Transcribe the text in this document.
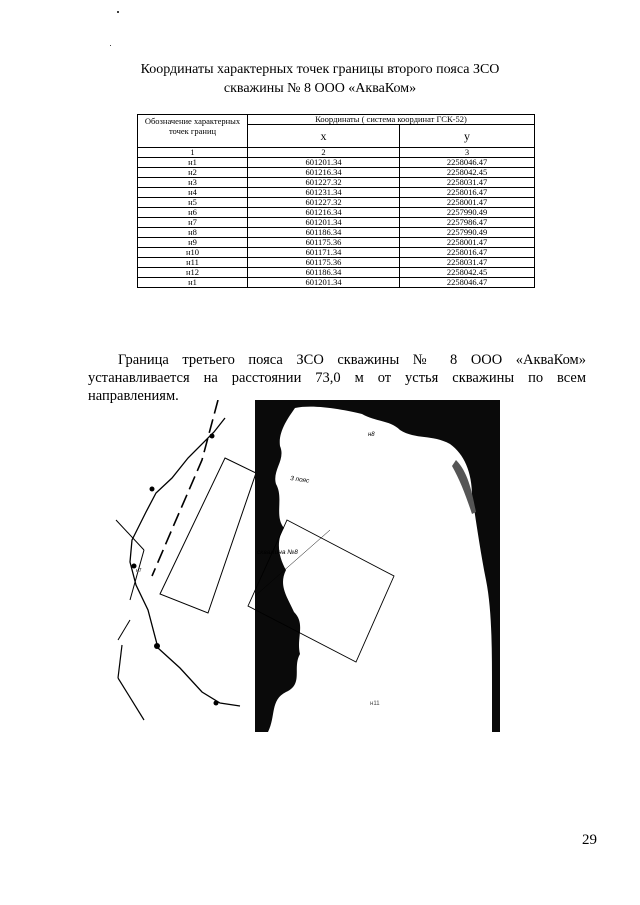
Координаты характерных точек границы второго пояса ЗСО
скважины № 8 ООО «АкваКом»
Обозначение характерных точек границ	Координаты ( система координат ГСК-52)	
	x	y
1	2	3
н1	601201.34	2258046.47
н2	601216.34	2258042.45
н3	601227.32	2258031.47
н4	601231.34	2258016.47
н5	601227.32	2258001.47
н6	601216.34	2257990.49
н7	601201.34	2257986.47
н8	601186.34	2257990.49
н9	601175.36	2258001.47
н10	601171.34	2258016.47
н11	601175.36	2258031.47
н12	601186.34	2258042.45
н1	601201.34	2258046.47
Граница третьего пояса ЗСО скважины № 8 ООО «АкваКом»
устанавливается на расстоянии 73,0 м от устья скважины по всем направлениям.
3 пояс
скважина №8
н8
н11
н7
29
